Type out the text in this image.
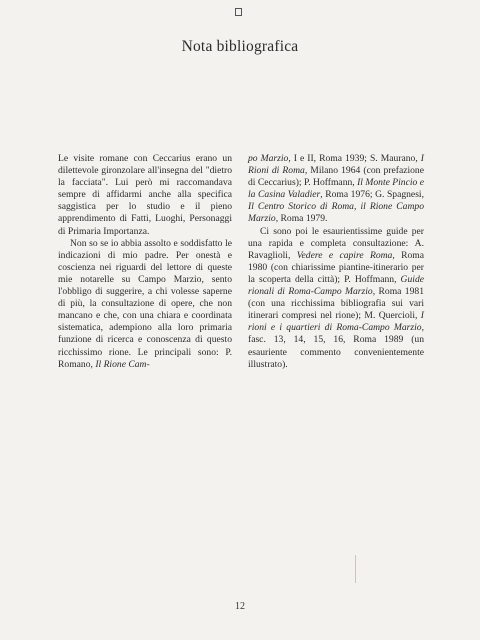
Nota bibliografica

Le visite romane con Ceccarius erano un dilettevole gironzolare all'insegna del "dietro la facciata". Lui però mi raccomandava sempre di affidarmi anche alla specifica saggistica per lo studio e il pieno apprendimento di Fatti, Luoghi, Personaggi di Primaria Importanza.

Non so se io abbia assolto e soddisfatto le indicazioni di mio padre. Per onestà e coscienza nei riguardi del lettore di queste mie notarelle su Campo Marzio, sento l'obbligo di suggerire, a chi volesse saperne di più, la consultazione di opere, che non mancano e che, con una chiara e coordinata sistematica, adempiono alla loro primaria funzione di ricerca e conoscenza di questo ricchissimo rione. Le principali sono: P. Romano, Il Rione Cam-

po Marzio, I e II, Roma 1939; S. Maurano, I Rioni di Roma, Milano 1964 (con prefazione di Ceccarius); P. Hoffmann, Il Monte Pincio e la Casina Valadier, Roma 1976; G. Spagnesi, Il Centro Storico di Roma, il Rione Campo Marzio, Roma 1979.

Ci sono poi le esaurientissime guide per una rapida e completa consultazione: A. Ravaglioli, Vedere e capire Roma, Roma 1980 (con chiarissime piantine-itinerario per la scoperta della città); P. Hoffmann, Guide rionali di Roma-Campo Marzio, Roma 1981 (con una ricchissima bibliografia sui vari itinerari compresi nel rione); M. Quercioli, I rioni e i quartieri di Roma-Campo Marzio, fasc. 13, 14, 15, 16, Roma 1989 (un esauriente commento convenientemente illustrato).

12
